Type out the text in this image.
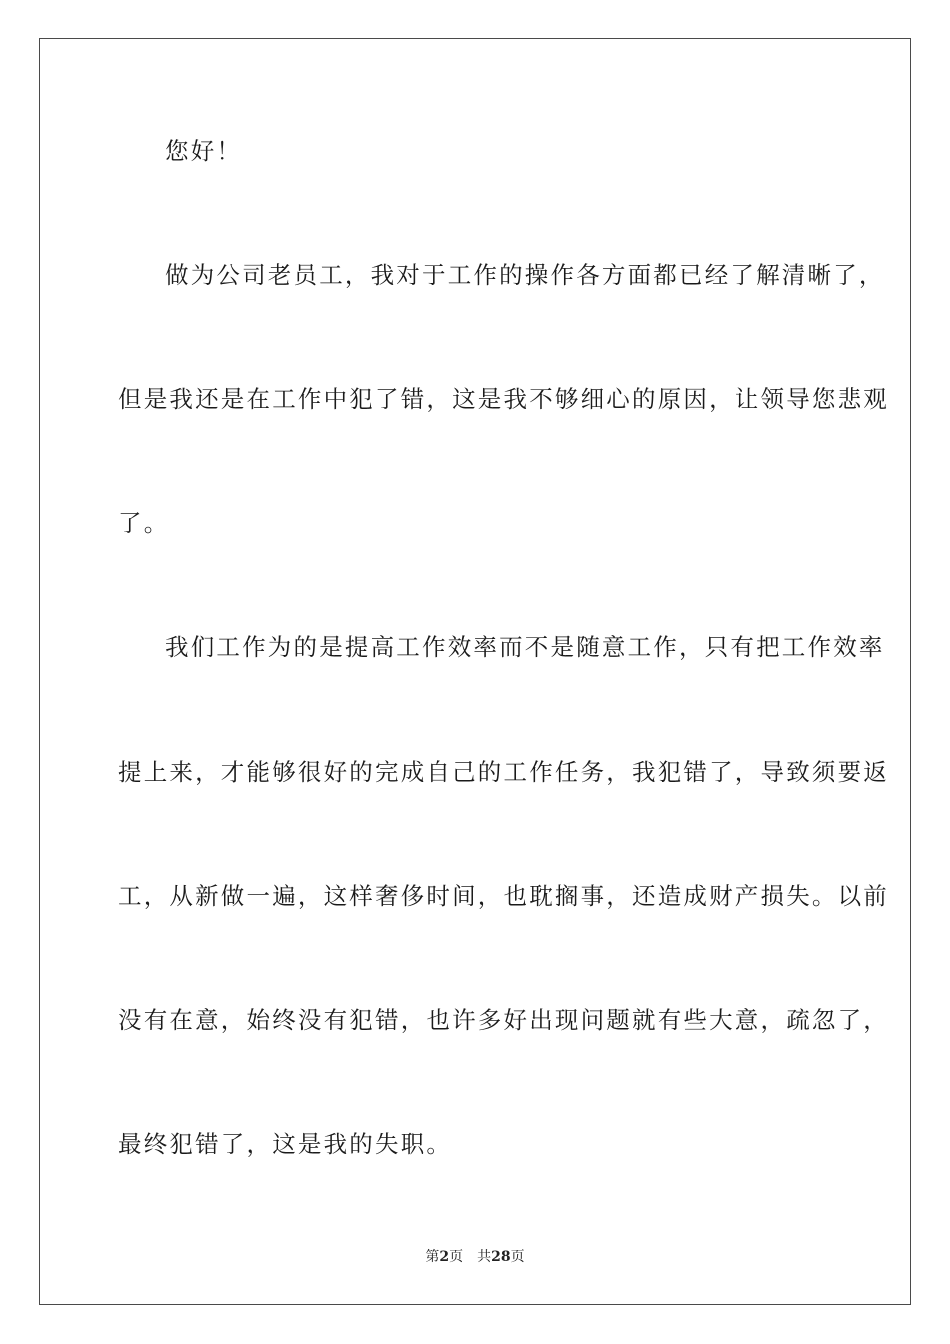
您好！
做为公司老员工，我对于工作的操作各方面都已经了解清晰了，
但是我还是在工作中犯了错，这是我不够细心的原因，让领导您悲观
了。
我们工作为的是提高工作效率而不是随意工作，只有把工作效率
提上来，才能够很好的完成自己的工作任务，我犯错了，导致须要返
工，从新做一遍，这样奢侈时间，也耽搁事，还造成财产损失。以前
没有在意，始终没有犯错，也许多好出现问题就有些大意，疏忽了，
最终犯错了，这是我的失职。
第2页 共28页
